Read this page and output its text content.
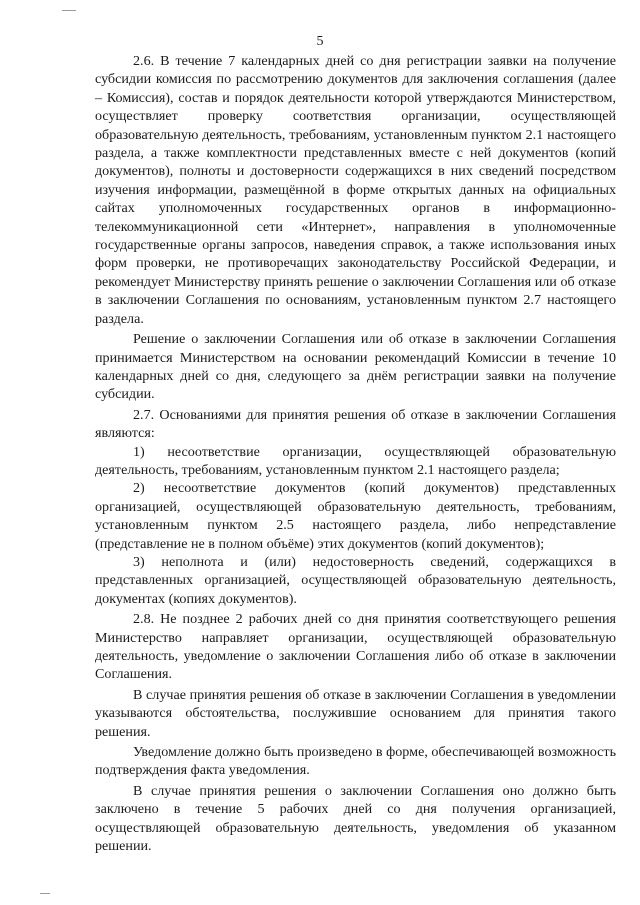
5

2.6. В течение 7 календарных дней со дня регистрации заявки на получение субсидии комиссия по рассмотрению документов для заключения соглашения (далее – Комиссия), состав и порядок деятельности которой утверждаются Министерством, осуществляет проверку соответствия организации, осуществляющей образовательную деятельность, требованиям, установленным пунктом 2.1 настоящего раздела, а также комплектности представленных вместе с ней документов (копий документов), полноты и достоверности содержащихся в них сведений посредством изучения информации, размещённой в форме открытых данных на официальных сайтах уполномоченных государственных органов в информационно-телекоммуникационной сети «Интернет», направления в уполномоченные государственные органы запросов, наведения справок, а также использования иных форм проверки, не противоречащих законодательству Российской Федерации, и рекомендует Министерству принять решение о заключении Соглашения или об отказе в заключении Соглашения по основаниям, установленным пунктом 2.7 настоящего раздела.

Решение о заключении Соглашения или об отказе в заключении Соглашения принимается Министерством на основании рекомендаций Комиссии в течение 10 календарных дней со дня, следующего за днём регистрации заявки на получение субсидии.

2.7. Основаниями для принятия решения об отказе в заключении Соглашения являются:

1) несоответствие организации, осуществляющей образовательную деятельность, требованиям, установленным пунктом 2.1 настоящего раздела;

2) несоответствие документов (копий документов) представленных организацией, осуществляющей образовательную деятельность, требованиям, установленным пунктом 2.5 настоящего раздела, либо непредставление (представление не в полном объёме) этих документов (копий документов);

3) неполнота и (или) недостоверность сведений, содержащихся в представленных организацией, осуществляющей образовательную деятельность, документах (копиях документов).

2.8. Не позднее 2 рабочих дней со дня принятия соответствующего решения Министерство направляет организации, осуществляющей образовательную деятельность, уведомление о заключении Соглашения либо об отказе в заключении Соглашения.

В случае принятия решения об отказе в заключении Соглашения в уведомлении указываются обстоятельства, послужившие основанием для принятия такого решения.

Уведомление должно быть произведено в форме, обеспечивающей возможность подтверждения факта уведомления.

В случае принятия решения о заключении Соглашения оно должно быть заключено в течение 5 рабочих дней со дня получения организацией, осуществляющей образовательную деятельность, уведомления об указанном решении.
